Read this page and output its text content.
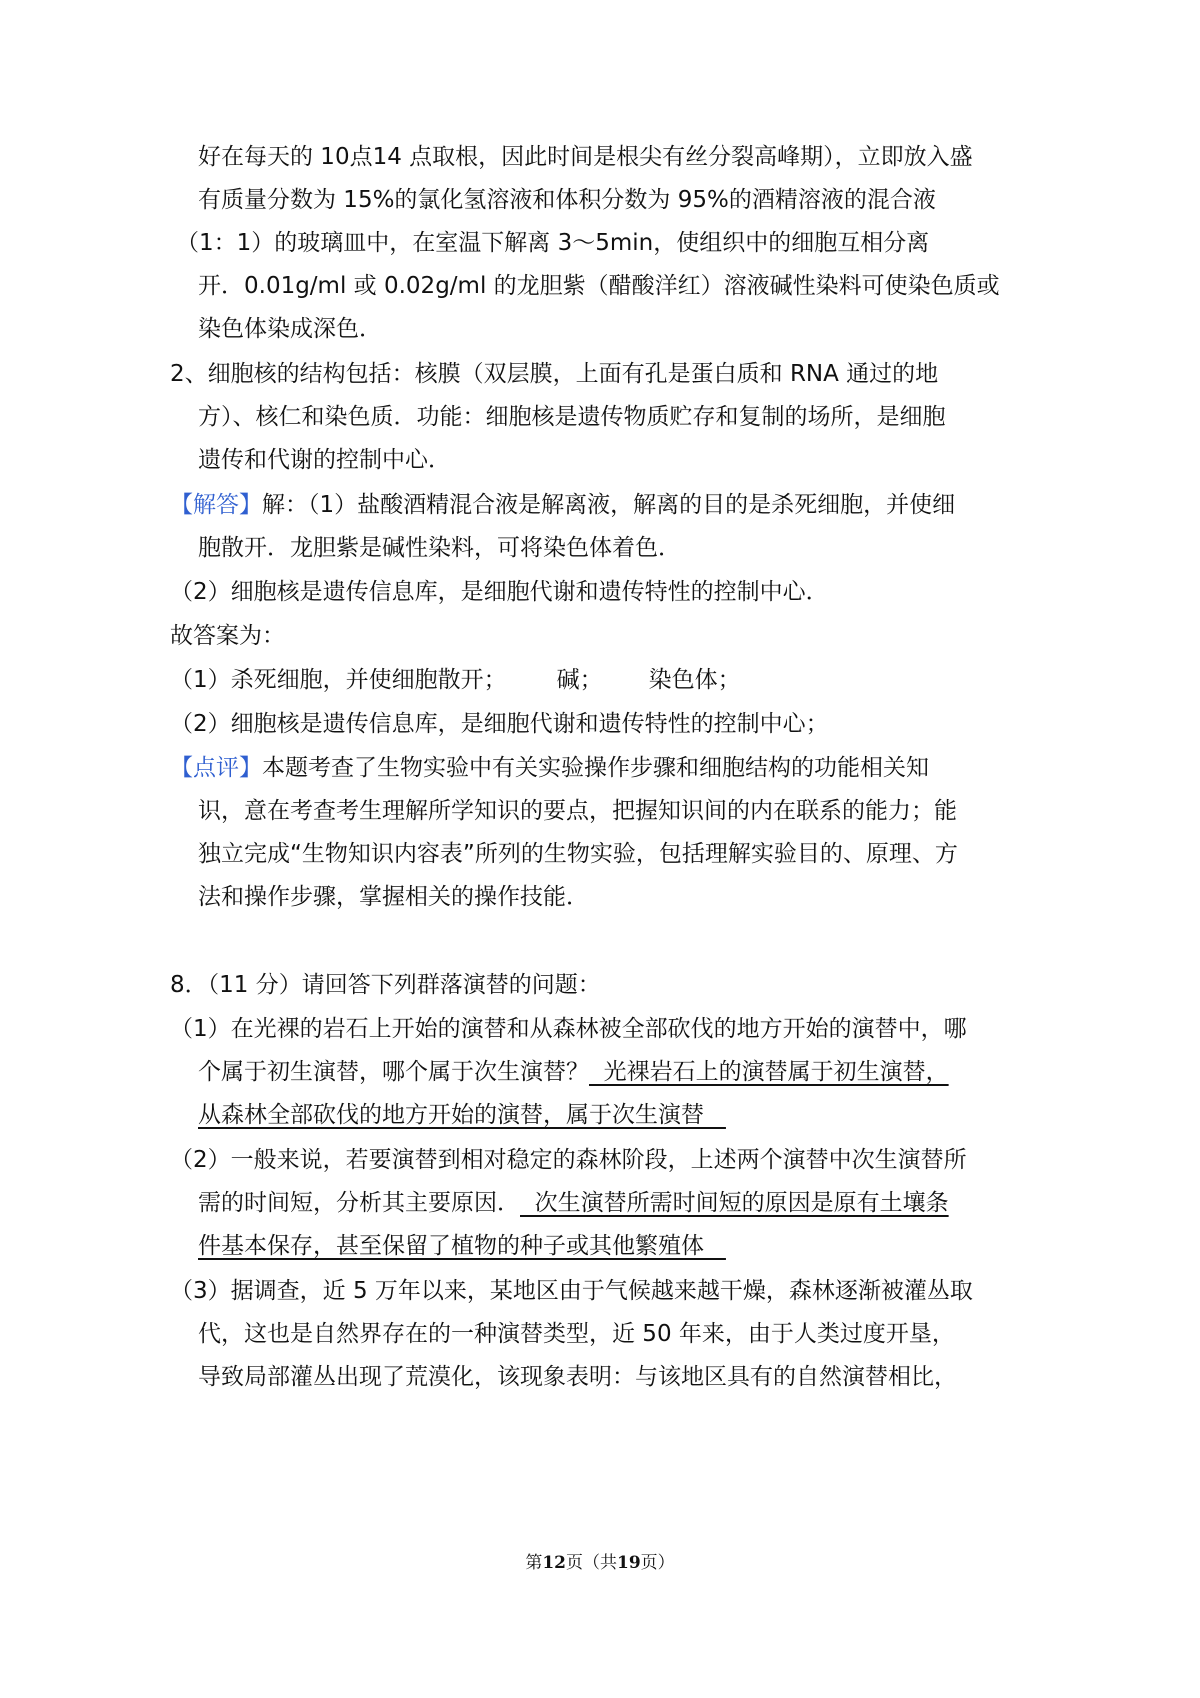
好在每天的 10点14 点取根，因此时间是根尖有丝分裂高峰期），立即放入盛
有质量分数为 15%的氯化氢溶液和体积分数为 95%的酒精溶液的混合液
（1：1）的玻璃皿中，在室温下解离 3～5min，使组织中的细胞互相分离
开．0.01g/ml 或 0.02g/ml 的龙胆紫（醋酸洋红）溶液碱性染料可使染色质或
染色体染成深色．
2、细胞核的结构包括：核膜（双层膜，上面有孔是蛋白质和 RNA 通过的地
方）、核仁和染色质．功能：细胞核是遗传物质贮存和复制的场所，是细胞
遗传和代谢的控制中心．
【解答】解：（1）盐酸酒精混合液是解离液，解离的目的是杀死细胞，并使细
胞散开．龙胆紫是碱性染料，可将染色体着色．
（2）细胞核是遗传信息库，是细胞代谢和遗传特性的控制中心．
故答案为：
（1）杀死细胞，并使细胞散开； 碱； 染色体；
（2）细胞核是遗传信息库，是细胞代谢和遗传特性的控制中心；
【点评】本题考查了生物实验中有关实验操作步骤和细胞结构的功能相关知
识，意在考查考生理解所学知识的要点，把握知识间的内在联系的能力；能
独立完成“生物知识内容表”所列的生物实验，包括理解实验目的、原理、方
法和操作步骤，掌握相关的操作技能．
8．（11 分）请回答下列群落演替的问题：
（1）在光裸的岩石上开始的演替和从森林被全部砍伐的地方开始的演替中，哪
个属于初生演替，哪个属于次生演替？  光裸岩石上的演替属于初生演替，
从森林全部砍伐的地方开始的演替，属于次生演替
（2）一般来说，若要演替到相对稳定的森林阶段，上述两个演替中次生演替所
需的时间短，分析其主要原因．  次生演替所需时间短的原因是原有土壤条
件基本保存，甚至保留了植物的种子或其他繁殖体
（3）据调查，近 5 万年以来，某地区由于气候越来越干燥，森林逐渐被灌丛取
代，这也是自然界存在的一种演替类型，近 50 年来，由于人类过度开垦，
导致局部灌丛出现了荒漠化，该现象表明：与该地区具有的自然演替相比，
第12页（共19页）
